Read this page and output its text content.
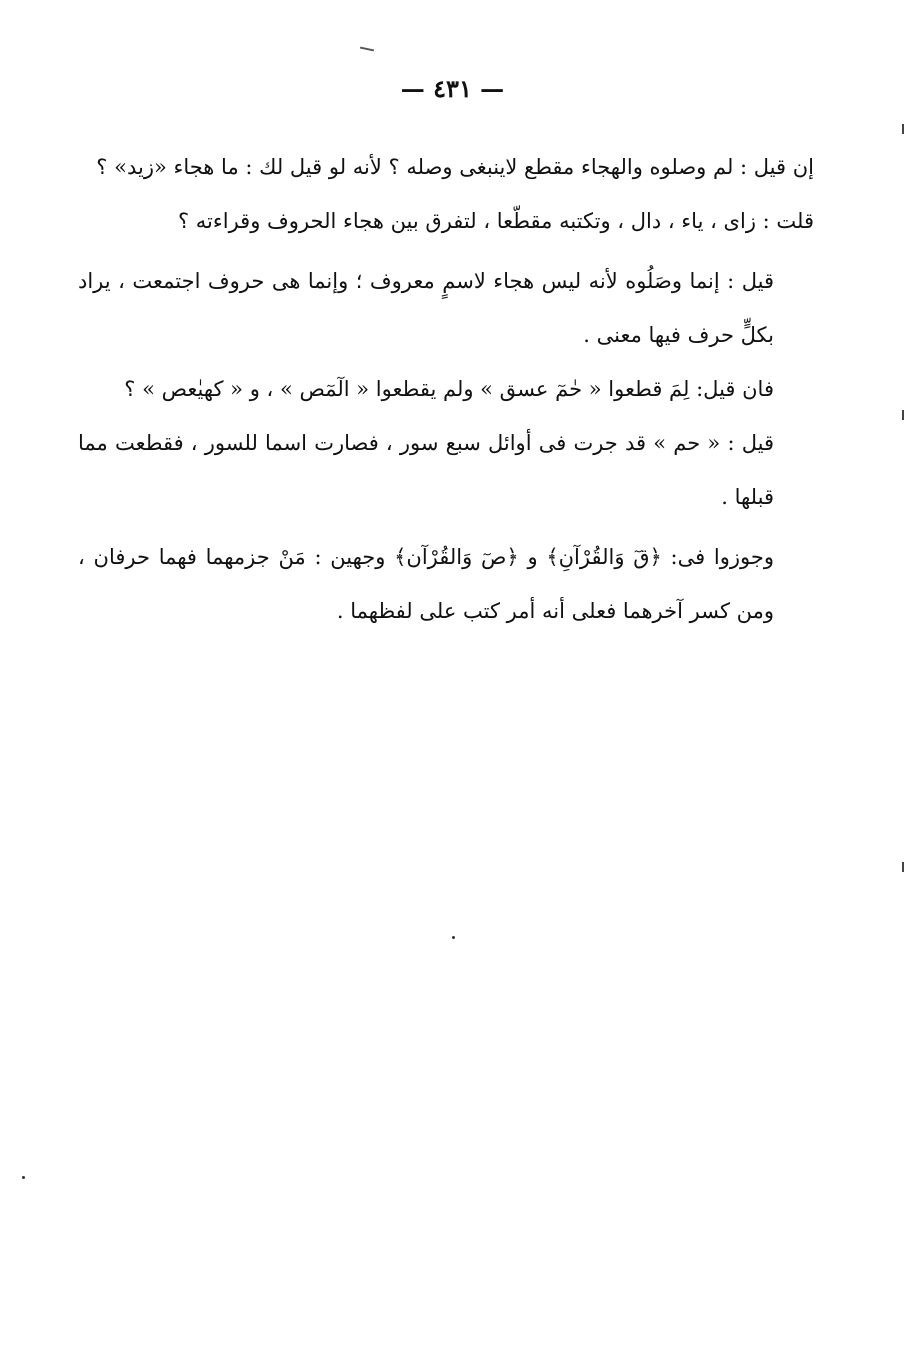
— ٤٣١ —

إن قيل : لم وصلوه والهجاء مقطع لاينبغى وصله ؟ لأنه لو قيل لك : ما هجاء «زيد» ؟

قلت : زاى ، ياء ، دال ، وتكتبه مقطّعا ، لتفرق بين هجاء الحروف وقراءته ؟

قيل : إنما وصَلُوه لأنه ليس هجاء لاسمٍ معروف ؛ وإنما هى حروف اجتمعت ، يراد بكلٍّ حرف فيها معنى .

فان قيل: لِمَ قطعوا « حٰمٓ عسق » ولم يقطعوا « الٓمٓص » ، و « كهيٰعص » ؟

قيل : « حم » قد جرت فى أوائل سبع سور ، فصارت اسما للسور ، فقطعت مما قبلها .

وجوزوا فى: ﴿قٓ وَالقُرْآنِ﴾ و ﴿صٓ وَالقُرْآن﴾ وجهين : مَنْ جزمهما فهما حرفان ، ومن كسر آخرهما فعلى أنه أمر كتب على لفظهما .
